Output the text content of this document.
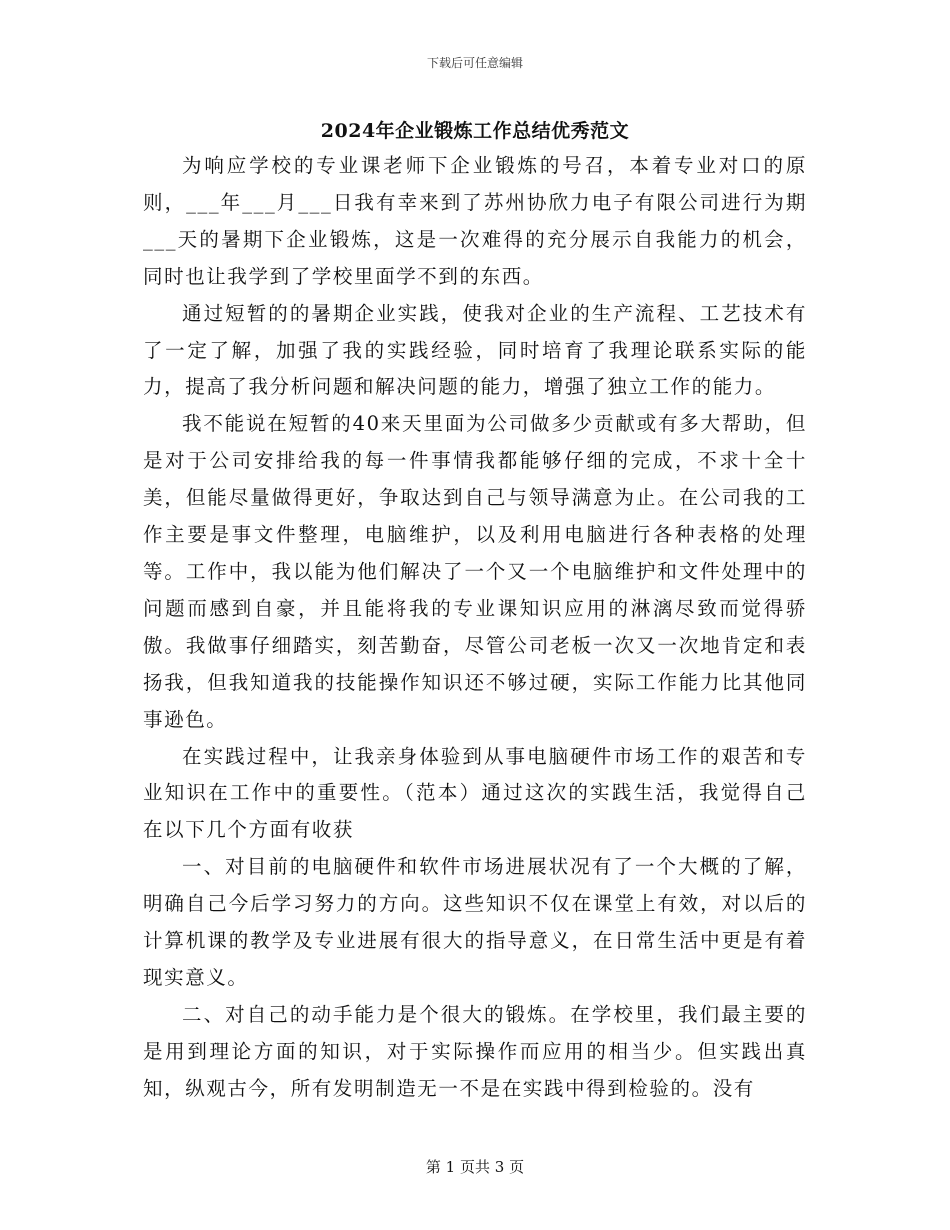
下载后可任意编辑
2024年企业锻炼工作总结优秀范文

为响应学校的专业课老师下企业锻炼的号召，本着专业对口的原则，___年___月___日我有幸来到了苏州协欣力电子有限公司进行为期___天的暑期下企业锻炼，这是一次难得的充分展示自我能力的机会，同时也让我学到了学校里面学不到的东西。

通过短暂的的暑期企业实践，使我对企业的生产流程、工艺技术有了一定了解，加强了我的实践经验，同时培育了我理论联系实际的能力，提高了我分析问题和解决问题的能力，增强了独立工作的能力。

我不能说在短暂的40来天里面为公司做多少贡献或有多大帮助，但是对于公司安排给我的每一件事情我都能够仔细的完成，不求十全十美，但能尽量做得更好，争取达到自己与领导满意为止。在公司我的工作主要是事文件整理，电脑维护，以及利用电脑进行各种表格的处理等。工作中，我以能为他们解决了一个又一个电脑维护和文件处理中的问题而感到自豪，并且能将我的专业课知识应用的淋漓尽致而觉得骄傲。我做事仔细踏实，刻苦勤奋，尽管公司老板一次又一次地肯定和表扬我，但我知道我的技能操作知识还不够过硬，实际工作能力比其他同事逊色。

在实践过程中，让我亲身体验到从事电脑硬件市场工作的艰苦和专业知识在工作中的重要性。（范本）通过这次的实践生活，我觉得自己在以下几个方面有收获

一、对目前的电脑硬件和软件市场进展状况有了一个大概的了解，明确自己今后学习努力的方向。这些知识不仅在课堂上有效，对以后的计算机课的教学及专业进展有很大的指导意义，在日常生活中更是有着现实意义。

二、对自己的动手能力是个很大的锻炼。在学校里，我们最主要的是用到理论方面的知识，对于实际操作而应用的相当少。但实践出真知，纵观古今，所有发明制造无一不是在实践中得到检验的。没有

第 1 页共 3 页
